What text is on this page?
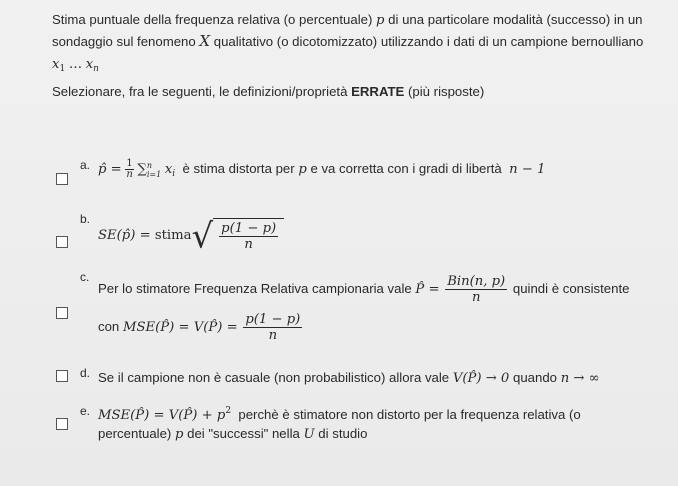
Stima puntuale della frequenza relativa (o percentuale) p di una particolare modalità (successo) in un
sondaggio sul fenomeno X qualitativo (o dicotomizzato) utilizzando i dati di un campione bernoulliano
$x_1$ … $x_n$
Selezionare, fra le seguenti, le definizioni/proprietà ERRATE (più risposte)
a. p̂ = $\frac{1}{n}$ ∑ n
i=1 $x_i$ è stima distorta per p e va corretta con i gradi di libertà n − 1
b.
SE(p̂) = stima√ $\frac{p(1 - p)}{n}$
c.
Per lo stimatore Frequenza Relativa campionaria vale P̂ = $\frac{\text{Bin(n, p)}}{n}$ quindi è consistente
con MSE(P̂) = V(P̂) = $\frac{p(1 - p)}{n}$
d. Se il campione non è casuale (non probabilistico) allora vale V(P̂) → 0 quando n → ∞
e. MSE(P̂) = V(P̂) + $p^2$ perchè è stimatore non distorto per la frequenza relativa (o
percentuale) p dei "successi" nella U di studio
